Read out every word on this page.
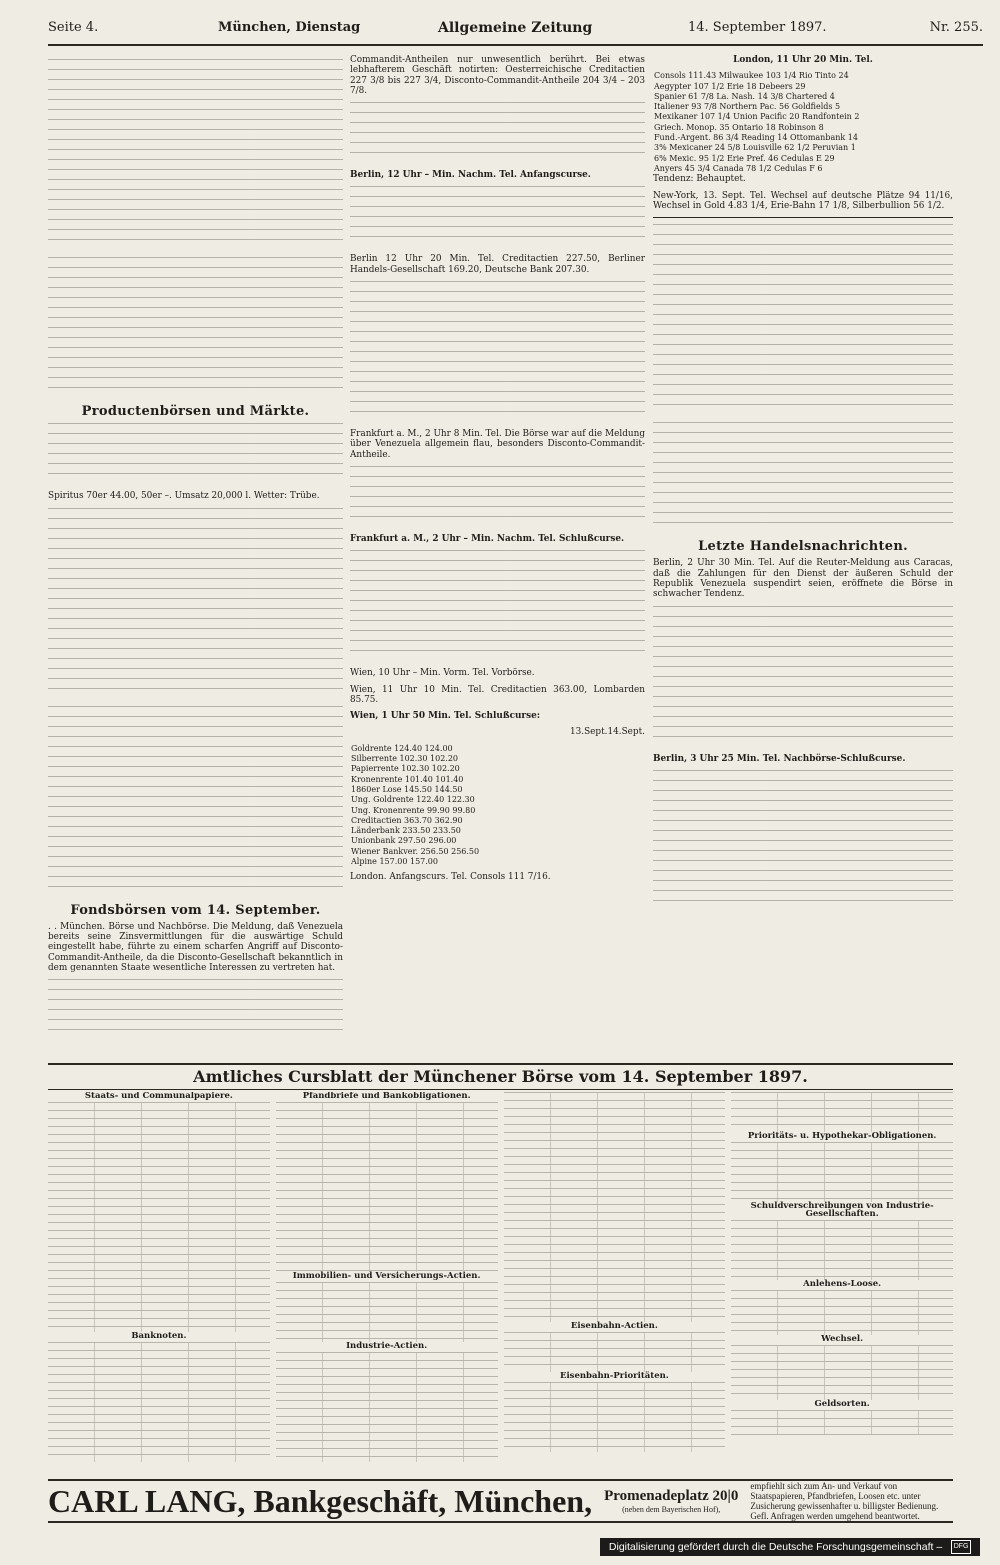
Seite 4.	München, Dienstag	Allgemeine Zeitung	14. September 1897.	Nr. 255.
Productenbörsen und Märkte.
Spiritus 70er 44.00, 50er –. Umsatz 20,000 l. Wetter: Trübe.
Fondsbörsen vom 14. September.
. . München. Börse und Nachbörse. Die Meldung, daß Venezuela bereits seine Zinsvermittlungen für die auswärtige Schuld eingestellt habe, führte zu einem scharfen Angriff auf Disconto-Commandit-Antheile, da die Disconto-Gesellschaft bekanntlich in dem genannten Staate wesentliche Interessen zu vertreten hat.
Commandit-Antheilen nur unwesentlich berührt. Bei etwas lebhafterem Geschäft notirten: Oesterreichische Creditactien 227 3/8 bis 227 3/4, Disconto-Commandit-Antheile 204 3/4 – 203 7/8.
Berlin, 12 Uhr – Min. Nachm. Tel. Anfangscurse.
Berlin 12 Uhr 20 Min. Tel. Creditactien 227.50, Berliner Handels-Gesellschaft 169.20, Deutsche Bank 207.30.
Frankfurt a. M., 2 Uhr 8 Min. Tel. Die Börse war auf die Meldung über Venezuela allgemein flau, besonders Disconto-Commandit-Antheile.
Frankfurt a. M., 2 Uhr – Min. Nachm. Tel. Schlußcurse.
Wien, 10 Uhr – Min. Vorm. Tel. Vorbörse.
Wien, 11 Uhr 10 Min. Tel. Creditactien 363.00, Lombarden 85.75.
Wien, 1 Uhr 50 Min. Tel. Schlußcurse:
13.Sept.14.Sept.
Goldrente 124.40 124.00
Silberrente 102.30 102.20
Papierrente 102.30 102.20
Kronenrente 101.40 101.40
1860er Lose 145.50 144.50
Ung. Goldrente 122.40 122.30
Ung. Kronenrente 99.90 99.80
Creditactien 363.70 362.90
Länderbank 233.50 233.50
Unionbank 297.50 296.00
Wiener Bankver. 256.50 256.50
Alpine 157.00 157.00
London. Anfangscurs. Tel. Consols 111 7/16.
London, 11 Uhr 20 Min. Tel.
Consols 111.43 Milwaukee 103 1/4 Rio Tinto 24
Aegypter 107 1/2 Erie 18 Debeers 29
Spanier 61 7/8 La. Nash. 14 3/8 Chartered 4
Italiener 93 7/8 Northern Pac. 56 Goldfields 5
Mexikaner 107 1/4 Union Pacific 20 Randfontein 2
Griech. Monop. 35 Ontario 18 Robinson 8
Fund.-Argent. 86 3/4 Reading 14 Ottomanbank 14
3% Mexicaner 24 5/8 Louisville 62 1/2 Peruvian 1
6% Mexic. 95 1/2 Erie Pref. 46 Cedulas E 29
Anyers 45 3/4 Canada 78 1/2 Cedulas F 6
Tendenz: Behauptet.
New-York, 13. Sept. Tel. Wechsel auf deutsche Plätze 94 11/16, Wechsel in Gold 4.83 1/4, Erie-Bahn 17 1/8, Silberbullion 56 1/2.
Letzte Handelsnachrichten.
Berlin, 2 Uhr 30 Min. Tel. Auf die Reuter-Meldung aus Caracas, daß die Zahlungen für den Dienst der äußeren Schuld der Republik Venezuela suspendirt seien, eröffnete die Börse in schwacher Tendenz.
Berlin, 3 Uhr 25 Min. Tel. Nachbörse-Schlußcurse.
Amtliches Cursblatt der Münchener Börse vom 14. September 1897.
Staats- und Communalpapiere.
Banknoten.
Pfandbriefe und Bankobligationen.
Immobilien- und Versicherungs-Actien.
Industrie-Actien.
Eisenbahn-Actien.
Eisenbahn-Prioritäten.
Prioritäts- u. Hypothekar-Obligationen.
Schuldverschreibungen von Industrie-Gesellschaften.
Anlehens-Loose.
Wechsel.
Geldsorten.
CARL LANG, Bankgeschäft, München, Promenadeplatz 20|0
(neben dem Bayerischen Hof),
empfiehlt sich zum An- und Verkauf von Staatspapieren, Pfandbriefen, Loosen etc. unter Zusicherung gewissenhafter u. billigster Bedienung. Gefl. Anfragen werden umgehend beantwortet.
Digitalisierung gefördert durch die Deutsche Forschungsgemeinschaft – DFG
